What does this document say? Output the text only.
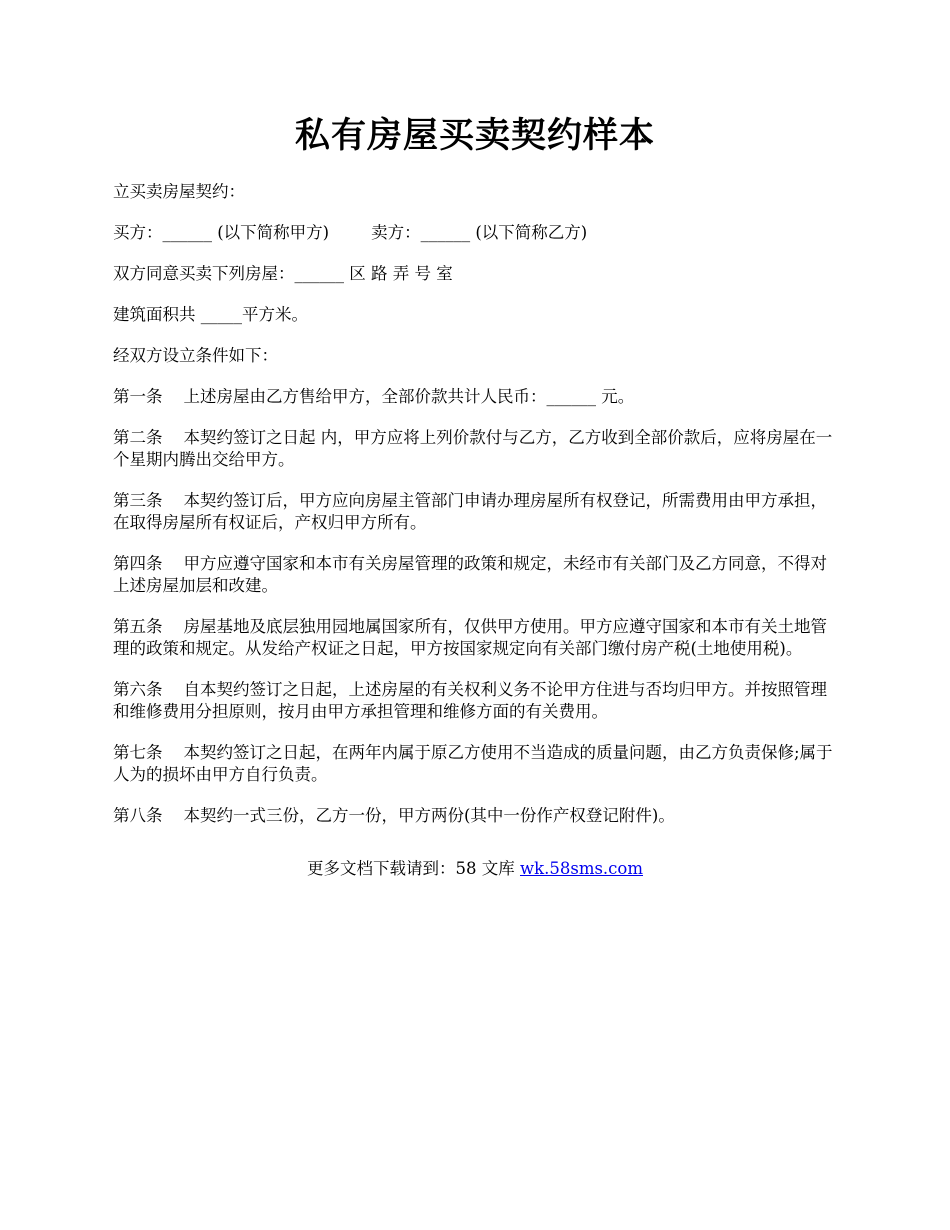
私有房屋买卖契约样本

立买卖房屋契约：

买方：______ (以下简称甲方)        卖方：______ (以下简称乙方)

双方同意买卖下列房屋：______ 区 路 弄 号 室

建筑面积共 _____平方米。

经双方设立条件如下：

第一条    上述房屋由乙方售给甲方，全部价款共计人民币：______ 元。

第二条    本契约签订之日起 内，甲方应将上列价款付与乙方，乙方收到全部价款后，应将房屋在一个星期内腾出交给甲方。

第三条    本契约签订后，甲方应向房屋主管部门申请办理房屋所有权登记，所需费用由甲方承担，在取得房屋所有权证后，产权归甲方所有。

第四条    甲方应遵守国家和本市有关房屋管理的政策和规定，未经市有关部门及乙方同意，不得对上述房屋加层和改建。

第五条    房屋基地及底层独用园地属国家所有，仅供甲方使用。甲方应遵守国家和本市有关土地管理的政策和规定。从发给产权证之日起，甲方按国家规定向有关部门缴付房产税(土地使用税)。

第六条    自本契约签订之日起，上述房屋的有关权利义务不论甲方住进与否均归甲方。并按照管理和维修费用分担原则，按月由甲方承担管理和维修方面的有关费用。

第七条    本契约签订之日起，在两年内属于原乙方使用不当造成的质量问题，由乙方负责保修;属于人为的损坏由甲方自行负责。

第八条    本契约一式三份，乙方一份，甲方两份(其中一份作产权登记附件)。

更多文档下载请到：58 文库 wk.58sms.com
